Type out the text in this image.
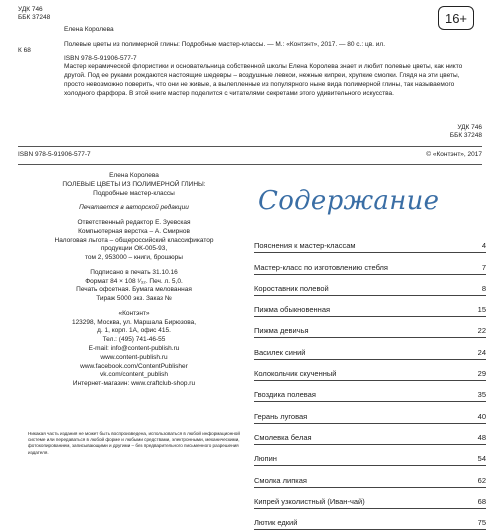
УДК 746
ББК 37248	16+
К 68
Елена Королева
Полевые цветы из полимерной глины: Подробные мастер-классы. — М.: «Контэнт», 2017. — 80 с.: цв. ил.
ISBN 978-5-91906-577-7
Мастер керамической флористики и основательница собственной школы Елена Королева знает и любит полевые цветы, как никто другой. Под ее руками рождаются настоящие шедевры – воздушные левкои, нежные кипреи, хрупкие смолки. Глядя на эти цветы, просто невозможно поверить, что они не живые, а вылепленные из популярного ныне вида полимерной глины, так называемого холодного фарфора. В этой книге мастер поделится с читателями секретами этого удивительного искусства.
УДК 746
ББК 37248
ISBN 978-5-91906-577-7	© «Контэнт», 2017

Елена Королева

ПОЛЕВЫЕ ЦВЕТЫ ИЗ ПОЛИМЕРНОЙ ГЛИНЫ:

Подробные мастер-классы

Печатается в авторской редакции

Ответственный редактор Е. Зуевская

Компьютерная верстка – А. Смирнов

Налоговая льгота – общероссийский классификатор

продукции ОК-005-93,

том 2, 953000 – книги, брошюры

Подписано в печать 31.10.16

Формат 84 × 108 ¹⁄₃₂. Печ. л. 5,0.

Печать офсетная. Бумага мелованная

Тираж 5000 экз. Заказ №

«Контэнт»

123298, Москва, ул. Маршала Бирюзова,

д. 1, корп. 1А, офис 415.

Тел.: (495) 741-46-55

E-mail: info@content-publish.ru

www.content-publish.ru

www.facebook.com/ContentPublisher

vk.com/content_publish

Интернет-магазин: www.craftclub-shop.ru

Никакая часть издания не может быть воспроизведена, использоваться в любой информационной системе или передаваться в любой форме и любыми средствами, электронными, механическими, фотокопированием, записывающими и другими – без предварительного письменного разрешения издателя.
Содержание
Пояснения к мастер-классам	4
Мастер-класс по изготовлению стебля	7
Короставник полевой	8
Пижма обыкновенная	15
Пижма девичья	22
Василек синий	24
Колокольчик скученный	29
Гвоздика полевая	35
Герань луговая	40
Смолевка белая	48
Люпин	54
Смолка липкая	62
Кипрей узколистный (Иван-чай)	68
Лютик едкий	75
